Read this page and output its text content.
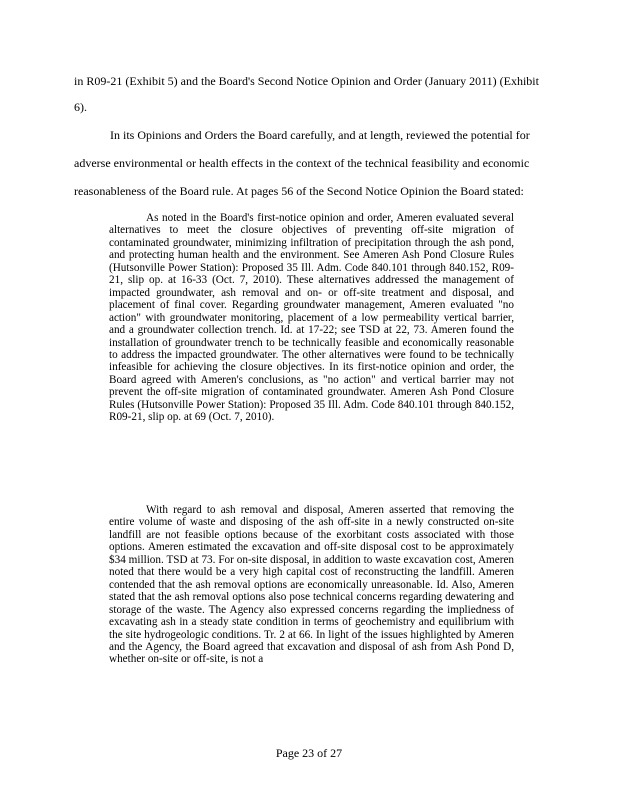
in R09-21 (Exhibit 5) and the Board's Second Notice Opinion and Order (January 2011) (Exhibit
6).
In its Opinions and Orders the Board carefully, and at length, reviewed the potential for
adverse environmental or health effects in the context of the technical feasibility and economic
reasonableness of the Board rule. At pages 56 of the Second Notice Opinion the Board stated:

As noted in the Board's first-notice opinion and order, Ameren evaluated several alternatives to meet the closure objectives of preventing off-site migration of contaminated groundwater, minimizing infiltration of precipitation through the ash pond, and protecting human health and the environment. See Ameren Ash Pond Closure Rules (Hutsonville Power Station): Proposed 35 Ill. Adm. Code 840.101 through 840.152, R09-21, slip op. at 16-33 (Oct. 7, 2010). These alternatives addressed the management of impacted groundwater, ash removal and on- or off-site treatment and disposal, and placement of final cover. Regarding groundwater management, Ameren evaluated "no action" with groundwater monitoring, placement of a low permeability vertical barrier, and a groundwater collection trench. Id. at 17-22; see TSD at 22, 73. Ameren found the installation of groundwater trench to be technically feasible and economically reasonable to address the impacted groundwater. The other alternatives were found to be technically infeasible for achieving the closure objectives. In its first-notice opinion and order, the Board agreed with Ameren's conclusions, as "no action" and vertical barrier may not prevent the off-site migration of contaminated groundwater. Ameren Ash Pond Closure Rules (Hutsonville Power Station): Proposed 35 Ill. Adm. Code 840.101 through 840.152, R09-21, slip op. at 69 (Oct. 7, 2010).

With regard to ash removal and disposal, Ameren asserted that removing the entire volume of waste and disposing of the ash off-site in a newly constructed on-site landfill are not feasible options because of the exorbitant costs associated with those options. Ameren estimated the excavation and off-site disposal cost to be approximately $34 million. TSD at 73. For on-site disposal, in addition to waste excavation cost, Ameren noted that there would be a very high capital cost of reconstructing the landfill. Ameren contended that the ash removal options are economically unreasonable. Id. Also, Ameren stated that the ash removal options also pose technical concerns regarding dewatering and storage of the waste. The Agency also expressed concerns regarding the impliedness of excavating ash in a steady state condition in terms of geochemistry and equilibrium with the site hydrogeologic conditions. Tr. 2 at 66. In light of the issues highlighted by Ameren and the Agency, the Board agreed that excavation and disposal of ash from Ash Pond D, whether on-site or off-site, is not a

Page 23 of 27
